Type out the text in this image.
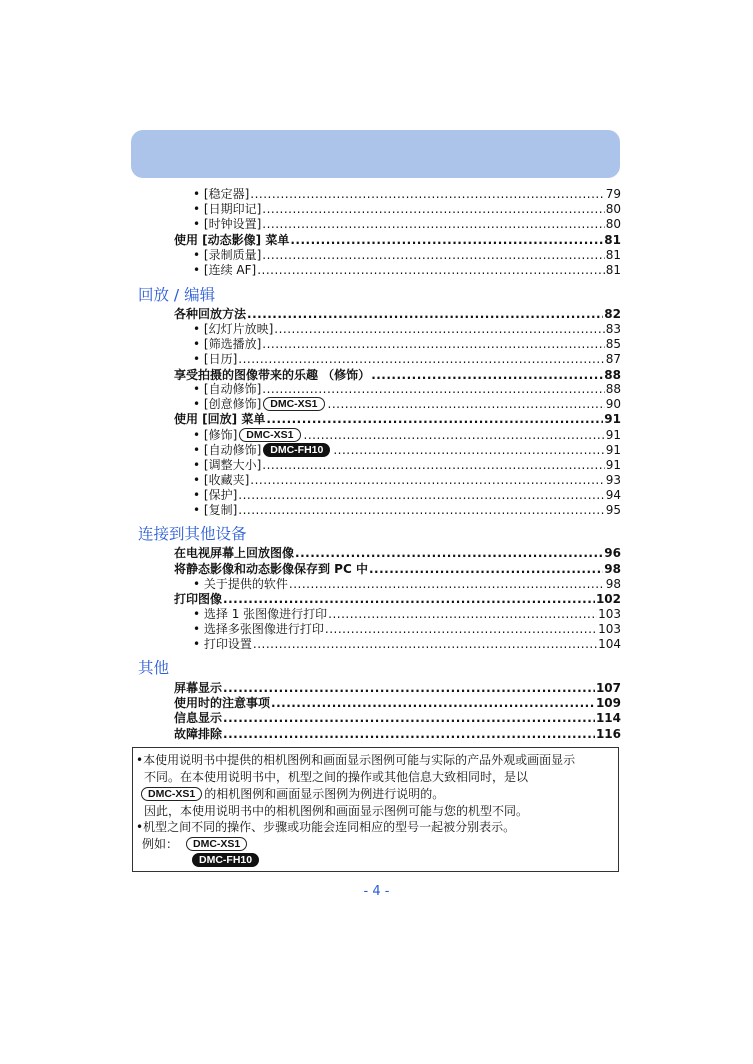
回放 / 编辑
连接到其他设备
其他
• [稳定器] .....	79
• [日期印记] .....	80
• [时钟设置] .....	80
使用 [动态影像] 菜单 .....	81
• [录制质量] .....	81
• [连续 AF] .....	81
各种回放方法 .....	82
• [幻灯片放映] .....	83
• [筛选播放] .....	85
• [日历] .....	87
享受拍摄的图像带来的乐趣 （修饰） .....	88
• [自动修饰] .....	88
• [创意修饰] DMC-XS1 .....	90
使用 [回放] 菜单 .....	91
• [修饰] DMC-XS1 .....	91
• [自动修饰] DMC-FH10 .....	91
• [调整大小] .....	91
• [收藏夹] .....	93
• [保护] .....	94
• [复制] .....	95
在电视屏幕上回放图像 .....	96
将静态影像和动态影像保存到 PC 中 .....	98
• 关于提供的软件 .....	98
打印图像 .....	102
• 选择 1 张图像进行打印 .....	103
• 选择多张图像进行打印 .....	103
• 打印设置 .....	104
屏幕显示 .....	107
使用时的注意事项 .....	109
信息显示 .....	114
故障排除 .....	116
•本使用说明书中提供的相机图例和画面显示图例可能与实际的产品外观或画面显示
不同。在本使用说明书中，机型之间的操作或其他信息大致相同时，是以
DMC-XS1 的相机图例和画面显示图例为例进行说明的。
因此，本使用说明书中的相机图例和画面显示图例可能与您的机型不同。
•机型之间不同的操作、步骤或功能会连同相应的型号一起被分别表示。
例如：	DMC-XS1
DMC-FH10
- 4 -
